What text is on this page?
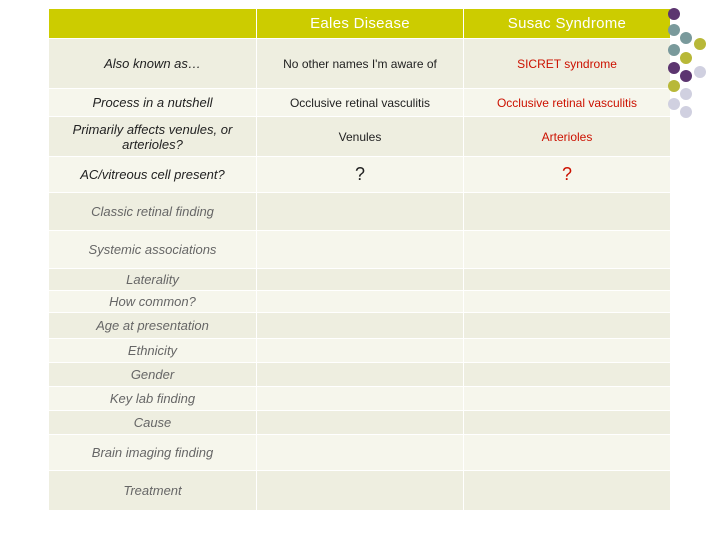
	Eales Disease	Susac Syndrome
Also known as…	No other names I'm aware of	SICRET syndrome
Process in a nutshell	Occlusive retinal vasculitis	Occlusive retinal vasculitis
Primarily affects venules, or arterioles?	Venules	Arterioles
AC/vitreous cell present?	?	?
Classic retinal finding		
Systemic associations		
Laterality		
How common?		
Age at presentation		
Ethnicity		
Gender		
Key lab finding		
Cause		
Brain imaging finding		
Treatment		
